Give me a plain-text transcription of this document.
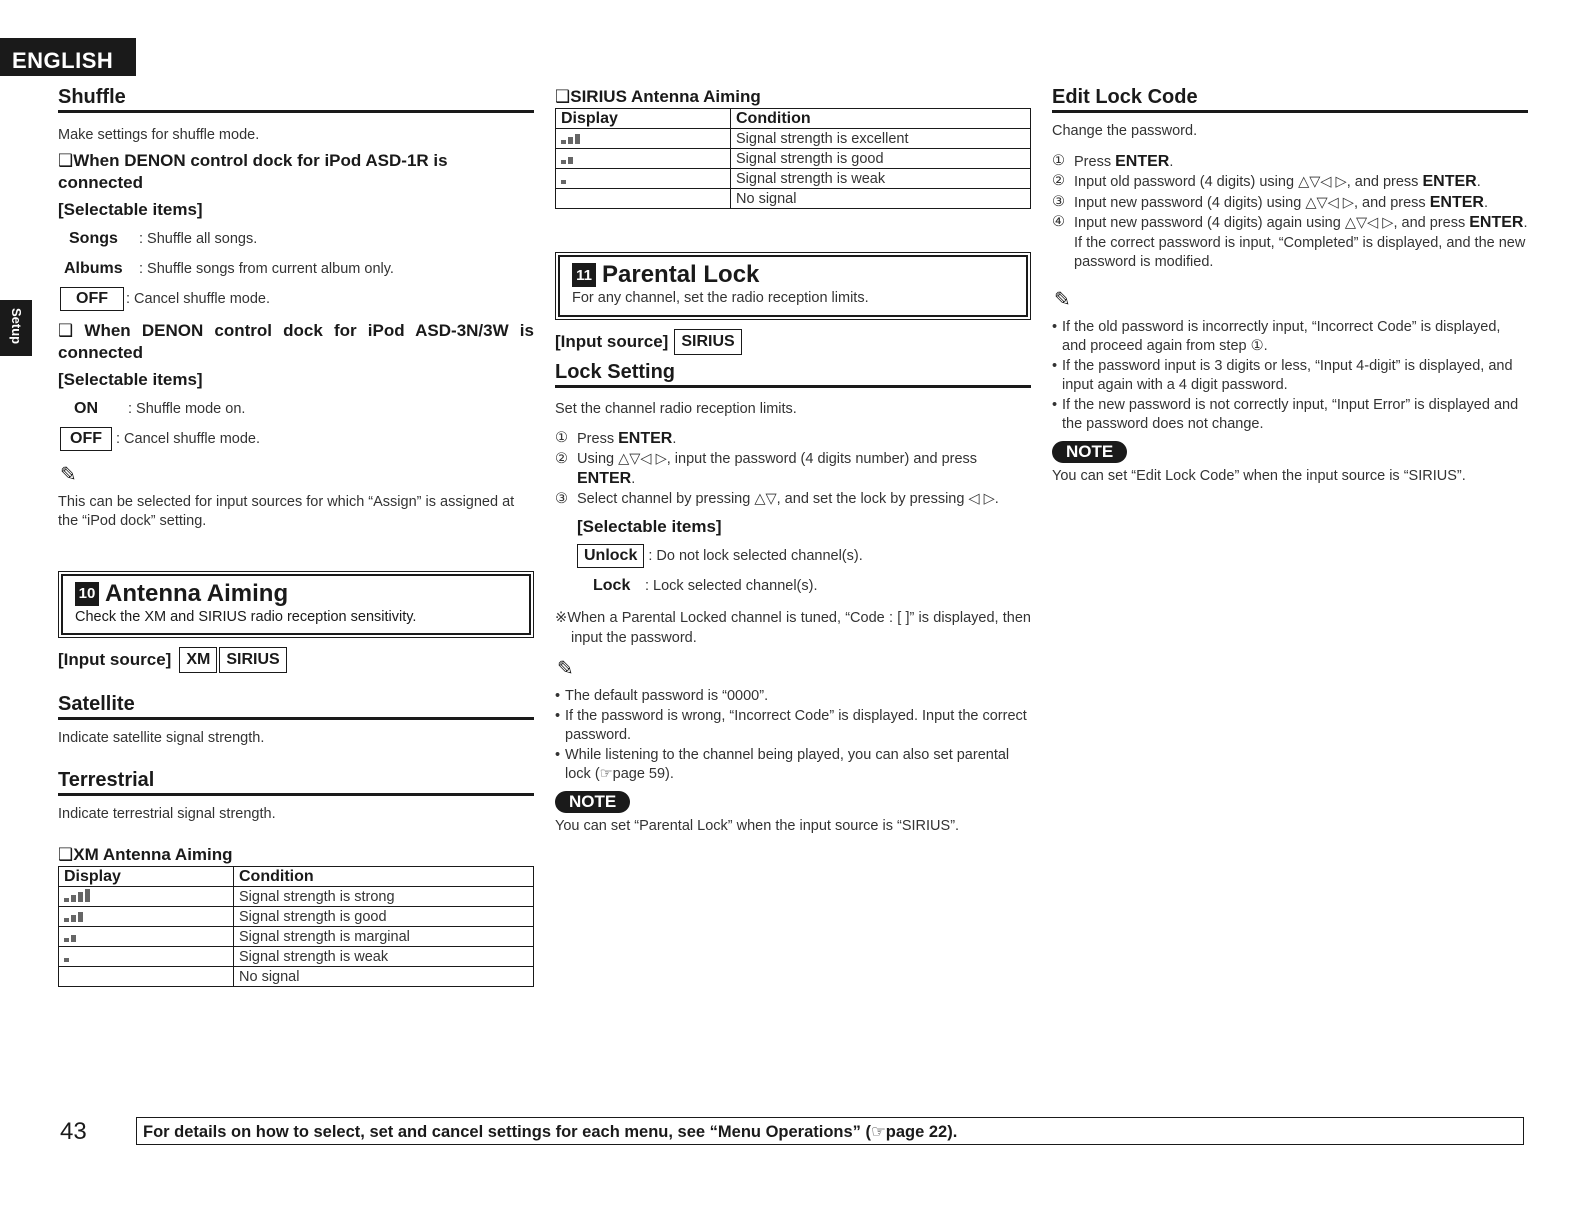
ENGLISH
Setup
Shuffle
Make settings for shuffle mode.
❑When DENON control dock for iPod ASD-1R is connected
[Selectable items]
Songs	: Shuffle all songs.
Albums	: Shuffle songs from current album only.
OFF	: Cancel shuffle mode.
❑ When DENON control dock for iPod ASD-3N/3W is connected
[Selectable items]
ON	: Shuffle mode on.
OFF : Cancel shuffle mode.
✎
This can be selected for input sources for which “Assign” is assigned at the “iPod dock” setting.
10 Antenna Aiming
Check the XM and SIRIUS radio reception sensitivity.
[Input source] XM	SIRIUS
Satellite
Indicate satellite signal strength.
Terrestrial
Indicate terrestrial signal strength.
❑XM Antenna Aiming
Display	Condition

	Signal strength is strong

	Signal strength is good

	Signal strength is marginal

	Signal strength is weak
	No signal
❑SIRIUS Antenna Aiming
Display	Condition

	Signal strength is excellent

	Signal strength is good

	Signal strength is weak
	No signal
11 Parental Lock
For any channel, set the radio reception limits.
[Input source] SIRIUS
Lock Setting
Set the channel radio reception limits.
① Press ENTER.
② Using △▽◁ ▷, input the password (4 digits number) and press ENTER.
③ Select channel by pressing △▽, and set the lock by pressing ◁ ▷.
[Selectable items]
Unlock : Do not lock selected channel(s).
Lock	: Lock selected channel(s).
※When a Parental Locked channel is tuned, “Code : [ ]” is displayed, then input the password.
✎
• The default password is “0000”.
• If the password is wrong, “Incorrect Code” is displayed. Input the correct password.
• While listening to the channel being played, you can also set parental lock (☞page 59).
NOTE
You can set “Parental Lock” when the input source is “SIRIUS”.
Edit Lock Code
Change the password.
① Press ENTER.
② Input old password (4 digits) using △▽◁ ▷, and press ENTER.
③ Input new password (4 digits) using △▽◁ ▷, and press ENTER.
④ Input new password (4 digits) again using △▽◁ ▷, and press ENTER. If the correct password is input, “Completed” is displayed, and the new password is modified.
✎
• If the old password is incorrectly input, “Incorrect Code” is displayed, and proceed again from step ①.
• If the password input is 3 digits or less, “Input 4-digit” is displayed, and input again with a 4 digit password.
• If the new password is not correctly input, “Input Error” is displayed and the password does not change.
NOTE
You can set “Edit Lock Code” when the input source is “SIRIUS”.
43	For details on how to select, set and cancel settings for each menu, see “Menu Operations” (☞page 22).
